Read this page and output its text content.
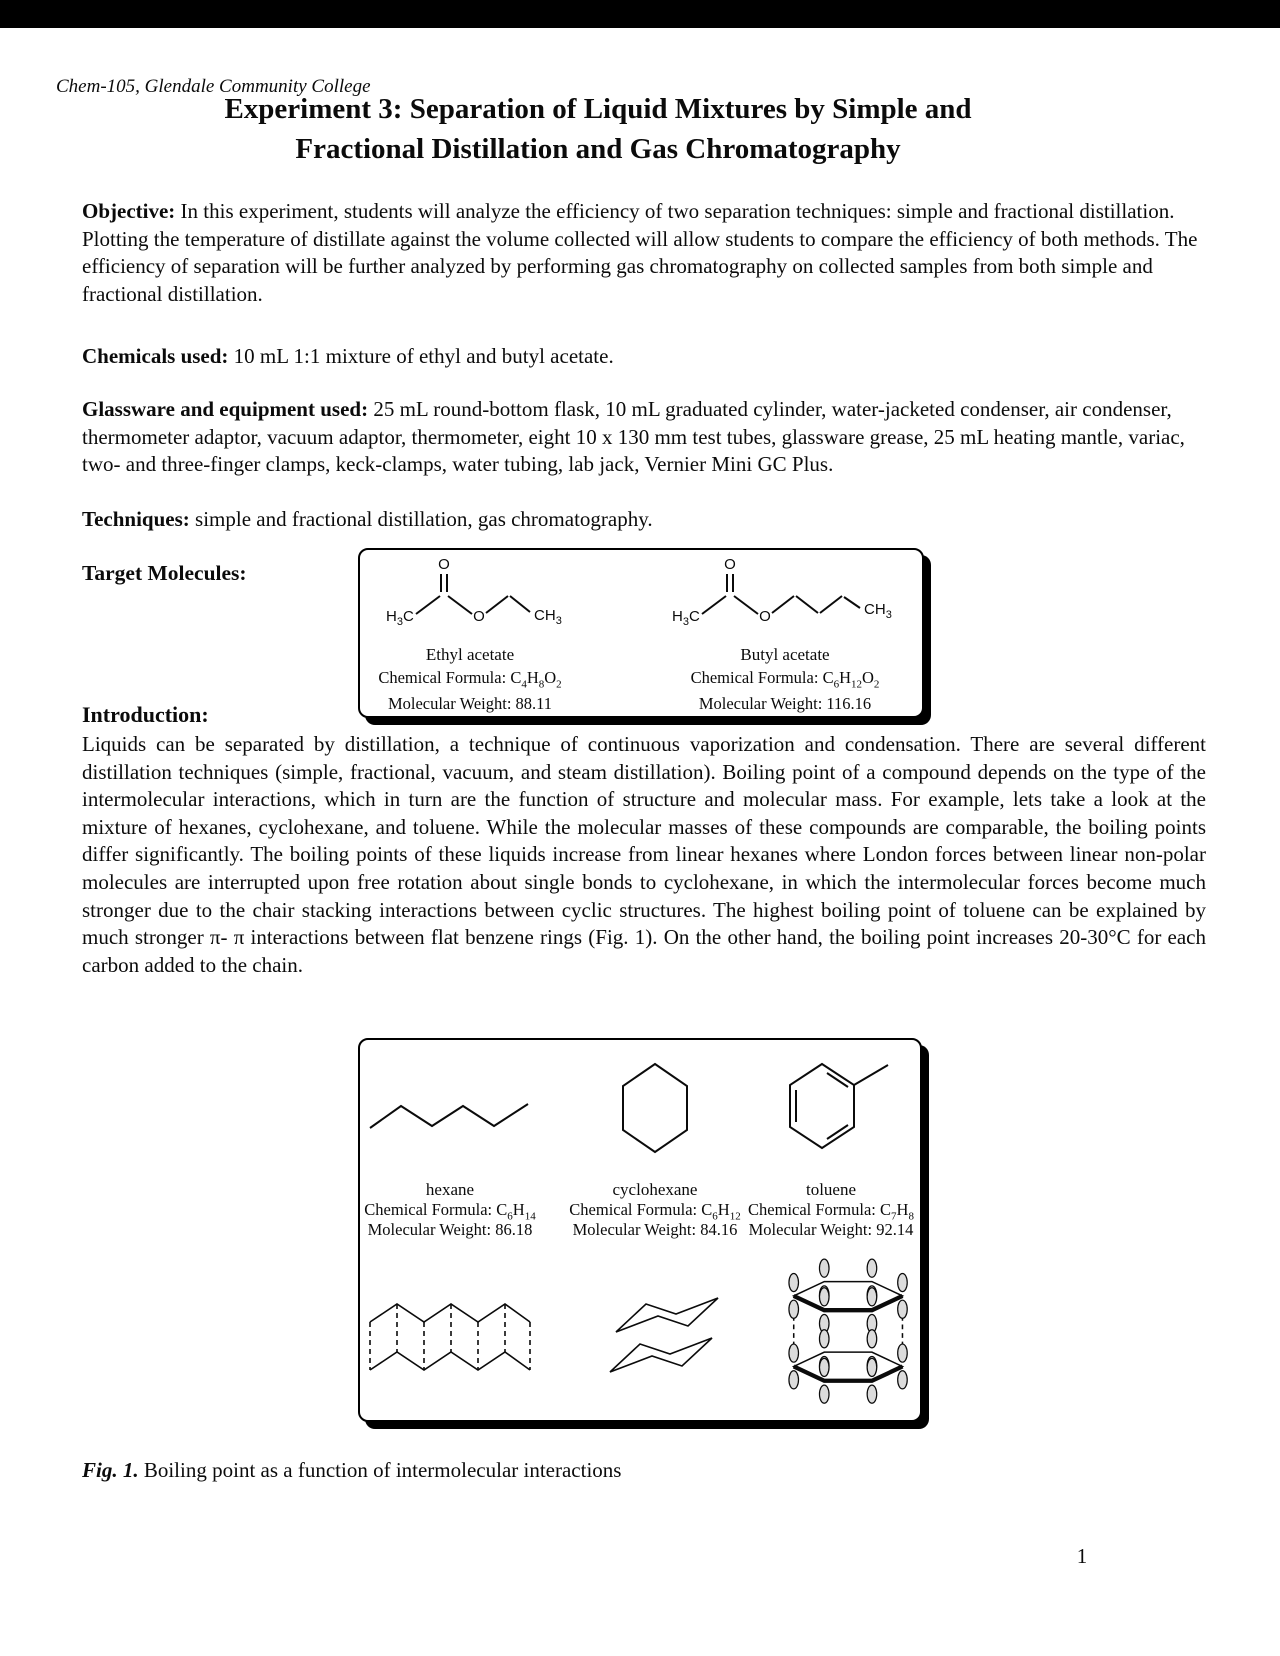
Chem-105, Glendale Community College
Experiment 3: Separation of Liquid Mixtures by Simple and
Fractional Distillation and Gas Chromatography
Objective: In this experiment, students will analyze the efficiency of two separation techniques: simple and fractional distillation. Plotting the temperature of distillate against the volume collected will allow students to compare the efficiency of both methods. The efficiency of separation will be further analyzed by performing gas chromatography on collected samples from both simple and fractional distillation.
Chemicals used: 10 mL 1:1 mixture of ethyl and butyl acetate.
Glassware and equipment used: 25 mL round-bottom flask, 10 mL graduated cylinder, water-jacketed condenser, air condenser, thermometer adaptor, vacuum adaptor, thermometer, eight 10 x 130 mm test tubes, glassware grease, 25 mL heating mantle, variac, two- and three-finger clamps, keck-clamps, water tubing, lab jack, Vernier Mini GC Plus.
Techniques: simple and fractional distillation, gas chromatography.
Target Molecules:	O
$H_3C$	O	$CH_3$
O
$H_3C$	O	$CH_3$
Ethyl acetate
Chemical Formula: $C_4H_8O_2$
Molecular Weight: 88.11
Butyl acetate
Chemical Formula: $C_6H_{12}O_2$
Molecular Weight: 116.16
Introduction:
Liquids can be separated by distillation, a technique of continuous vaporization and condensation. There are several different distillation techniques (simple, fractional, vacuum, and steam distillation). Boiling point of a compound depends on the type of the intermolecular interactions, which in turn are the function of structure and molecular mass. For example, lets take a look at the mixture of hexanes, cyclohexane, and toluene. While the molecular masses of these compounds are comparable, the boiling points differ significantly. The boiling points of these liquids increase from linear hexanes where London forces between linear non-polar molecules are interrupted upon free rotation about single bonds to cyclohexane, in which the intermolecular forces become much stronger due to the chair stacking interactions between cyclic structures. The highest boiling point of toluene can be explained by much stronger π- π interactions between flat benzene rings (Fig. 1). On the other hand, the boiling point increases 20-30°C for each carbon added to the chain.
hexane	cyclohexane	toluene
Chemical Formula: $C_6H_{14}$
Molecular Weight: 86.18
Chemical Formula: $C_6H_{12}$
Molecular Weight: 84.16
Chemical Formula: $C_7H_8$
Molecular Weight: 92.14
Fig. 1. Boiling point as a function of intermolecular interactions
1
